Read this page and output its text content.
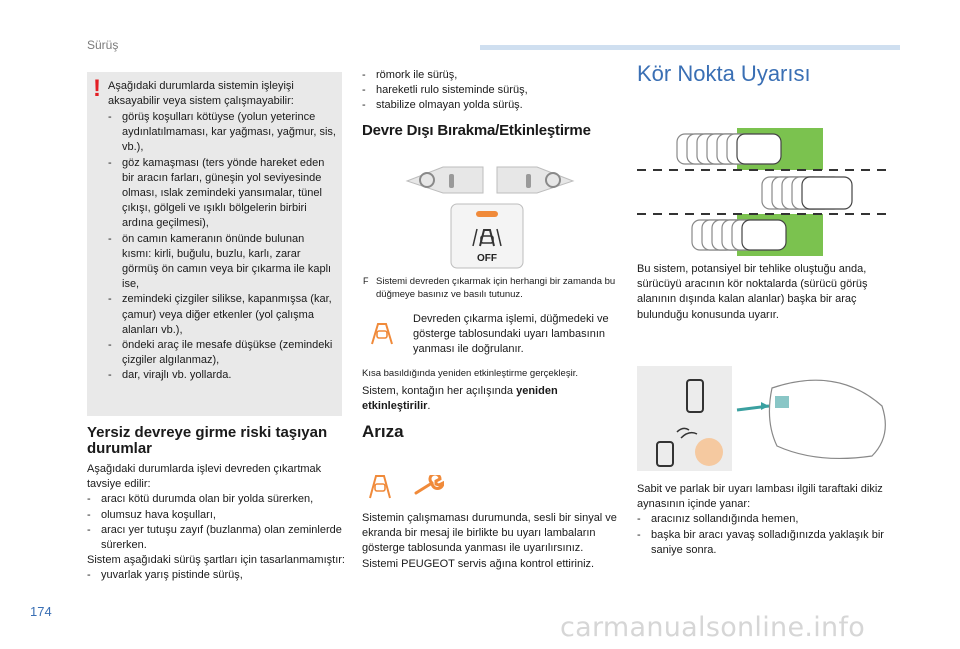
Sürüş
! Aşağıdaki durumlarda sistemin işleyişi aksayabilir veya sistem çalışmayabilir:
- görüş koşulları kötüyse (yolun yeterince aydınlatılmaması, kar yağması, yağmur, sis, vb.),
- göz kamaşması (ters yönde hareket eden bir aracın farları, güneşin yol seviyesinde olması, ıslak zemindeki yansımalar, tünel çıkışı, gölgeli ve ışıklı bölgelerin birbiri ardına geçilmesi),
- ön camın kameranın önünde bulunan kısmı: kirli, buğulu, buzlu, karlı, zarar görmüş ön camın veya bir çıkarma ile kaplı ise,
- zemindeki çizgiler silikse, kapanmışsa (kar, çamur) veya diğer etkenler (yol çalışma alanları vb.),
- öndeki araç ile mesafe düşükse (zemindeki çizgiler algılanmaz),
- dar, virajlı vb. yollarda.
Yersiz devreye girme riski taşıyan durumlar
Aşağıdaki durumlarda işlevi devreden çıkartmak tavsiye edilir:
- aracı kötü durumda olan bir yolda sürerken,
- olumsuz hava koşulları,
- aracı yer tutuşu zayıf (buzlanma) olan zeminlerde sürerken.
Sistem aşağıdaki sürüş şartları için tasarlanmamıştır:
- yuvarlak yarış pistinde sürüş,
- römork ile sürüş,
- hareketli rulo sisteminde sürüş,
- stabilize olmayan yolda sürüş.
Devre Dışı Bırakma/Etkinleştirme
OFF
F Sistemi devreden çıkarmak için herhangi bir zamanda bu düğmeye basınız ve basılı tutunuz.
Devreden çıkarma işlemi, düğmedeki ve gösterge tablosundaki uyarı lambasının yanması ile doğrulanır.
Kısa basıldığında yeniden etkinleştirme gerçekleşir.
Sistem, kontağın her açılışında yeniden etkinleştirilir.
Arıza
Sistemin çalışmaması durumunda, sesli bir sinyal ve ekranda bir mesaj ile birlikte bu uyarı lambaların gösterge tablosunda yanması ile uyarılırsınız.
Sistemi PEUGEOT servis ağına kontrol ettiriniz.
Kör Nokta Uyarısı
Bu sistem, potansiyel bir tehlike oluştuğu anda, sürücüyü aracının kör noktalarda (sürücü görüş alanının dışında kalan alanlar) başka bir araç bulunduğu konusunda uyarır.
Sabit ve parlak bir uyarı lambası ilgili taraftaki dikiz aynasının içinde yanar:
- aracınız sollandığında hemen,
- başka bir aracı yavaş solladığınızda yaklaşık bir saniye sonra.
174
carmanualsonline.info
